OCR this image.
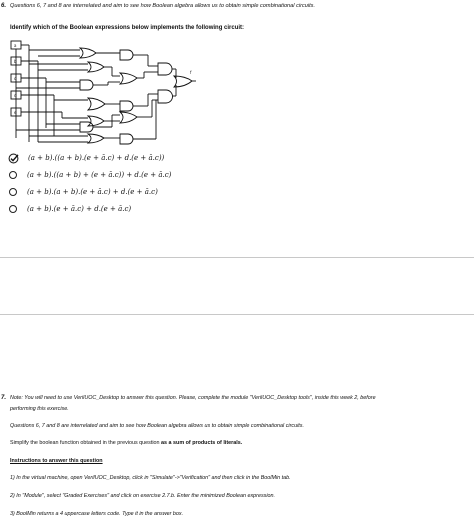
6. Questions 6, 7 and 8 are interrelated and aim to see how Boolean algebra allows us to obtain simple combinational circuits.
Identify which of the Boolean expressions below implements the following circuit:
a
b
c
d
e
f
(a + b).((a + b).(e + ā.c) + d.(e + ā.c))
(a + b).((a + b) + (e + ā.c)) + d.(e + ā.c)
(a + b).(a + b).(e + ā.c) + d.(e + ā.c)
(a + b).(e + ā.c) + d.(e + ā.c)
7. Note: You will need to use VerilUOC_Desktop to answer this question. Please, complete the module "VerilUOC_Desktop tools", inside this week 2, before
performing this exercise.
Questions 6, 7 and 8 are interrelated and aim to see how Boolean algebra allows us to obtain simple combinational circuits.
Simplify the boolean function obtained in the previous question as a sum of products of literals.
Instructions to answer this question
1) In the virtual machine, open VerilUOC_Desktop, click in "Simulate"->"Verification" and then click in the BoolMin tab.
2) In "Module", select "Graded Exercises" and click on exercise 2.7.b. Enter the minimized Boolean expression.
3) BoolMin returns a 4 uppercase letters code. Type it in the answer box.
